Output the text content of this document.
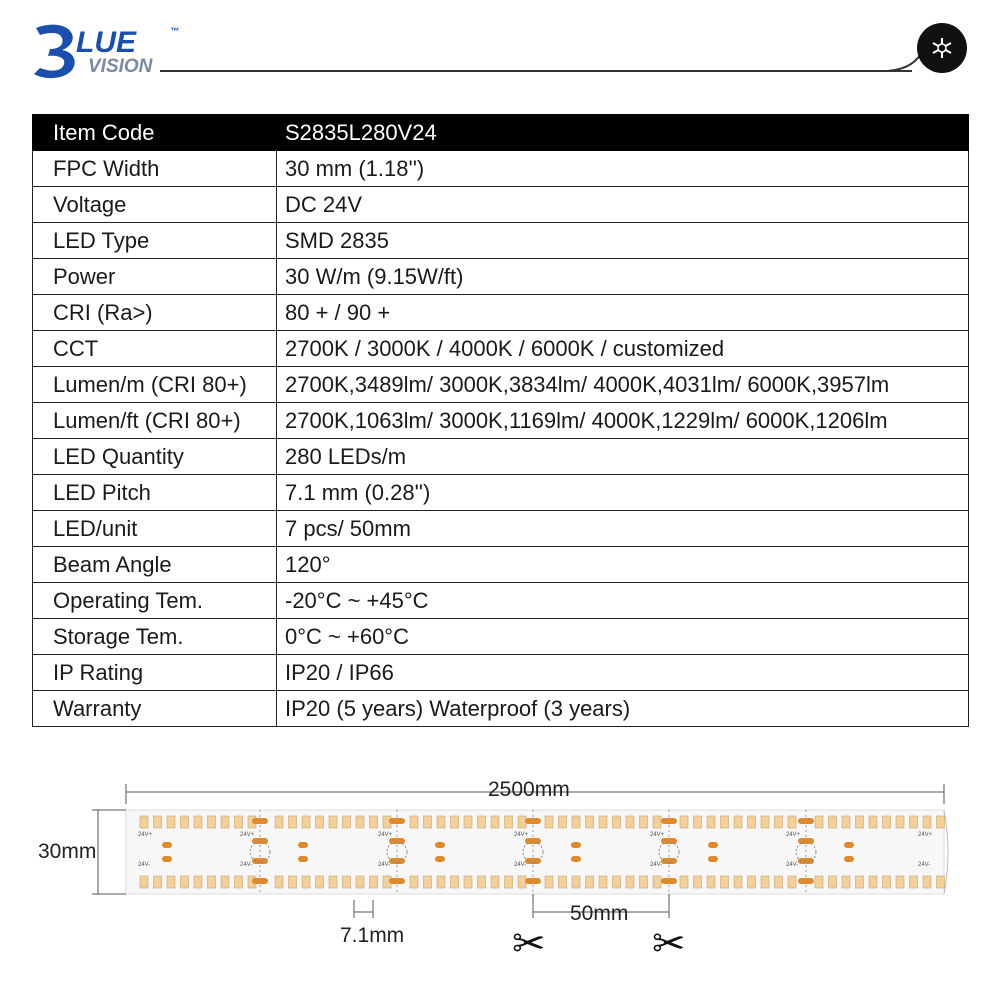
LUE	™
VISION
Item Code	S2835L280V24
FPC Width	30 mm (1.18'')
Voltage	DC 24V
LED Type	SMD 2835
Power	30 W/m (9.15W/ft)
CRI (Ra>)	80 + / 90 +
CCT	2700K / 3000K / 4000K / 6000K / customized
Lumen/m (CRI 80+)	2700K,3489lm/ 3000K,3834lm/ 4000K,4031lm/ 6000K,3957lm
Lumen/ft (CRI 80+)	2700K,1063lm/ 3000K,1169lm/ 4000K,1229lm/ 6000K,1206lm
LED Quantity	280 LEDs/m
LED Pitch	7.1 mm (0.28'')
LED/unit	7 pcs/ 50mm
Beam Angle	120°
Operating Tem.	-20°C ~ +45°C
Storage Tem.	0°C ~ +60°C
IP Rating	IP20 / IP66
Warranty	IP20 (5 years) Waterproof (3 years)
24V+
24V-
24V+
24V-
24V+
24V-
24V+
24V-
24V+
24V-
24V+
24V-
24V+
24V-
2500mm
30mm
7.1mm
50mm
✂	✂
